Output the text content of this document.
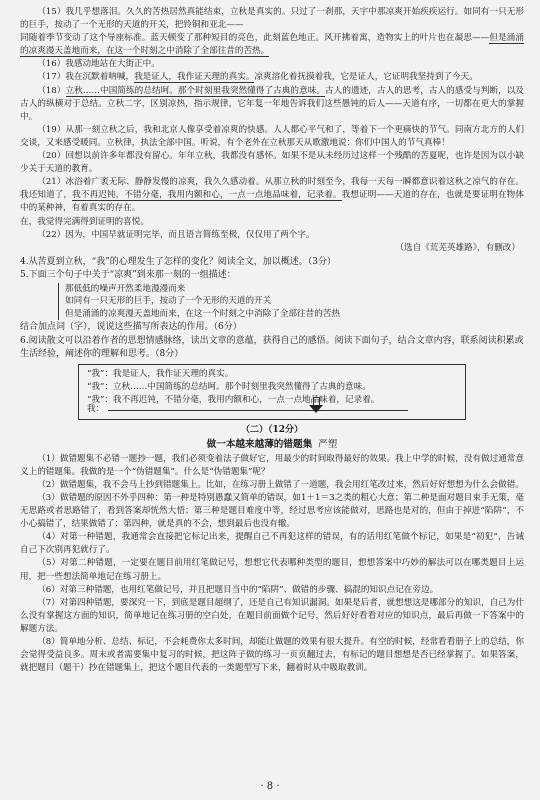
（15）我几乎想落泪。久久的苦热居然真能结束，立秋是真实的。只过了一刹那，天宇中那凉爽开始疾疾运行。如同有一只无形的巨手，按动了一个无形的天道的开关，把铃铜和亚北——

同随着季节变动了这个导座标准。蓝天顿变了那种短目的亮色，此刻蓝色地正。风开拂着寓，造物实上的叶片也在凝思——但是涌涌的凉爽漫天盖地而来，在这一个时刻之中消除了全部往昔的苦热。

（16）我感动地站在大街正中。

（17）我在沉默着呐喊，我是证人，我作证天理的真实。凉爽溶化着抚摸着我，它是证人，它证明我坚持到了今天。

（18）立秋……中国简练的总结呵。那个时刻里我突然懂得了古典的意味。古人的遗迹，古人的思考，古人的感受与判断，以及古人的纵横对于总结。立秋二字，区别凉热，指示规律，它年复一年地告诉我们这些愚钝的后人——天道有序，一切都在更大的掌握中。

（19）从那一刻立秋之后，我和北京人像享受着凉爽的快感。人人都心平气和了，等着下一个更痛快的节气。同南方北方的人们交谈，又来感受暖同。立秋律，执法全部中国。听说，有个老外在立秋那天从歌激地说：你们中国人的节气真棒！

（20）回想以前许多年都没有留心。年年立秋，我都没有感怀。如果不是从未经历过这样一个残酷的苦夏呢，也许是因为以小缺少关于天道的教育。

（21）冰浴着广袤无际、静静发慢的凉爽，我久久感动着。从那立秋的时刻至今，我每一天每一瞬都意识着这秋之凉气的存在。我还知道了，我不再迟钝，不错分毫，我用内额和心，一点一点地品味着，记录着。我想证明——天道的存在，也就是要证明在物体中的某种神，有着真实的存在。

在，我觉得完满得到证明的喜悦。

（22）因为，中国早就证明完毕，而且语言简练至极，仅仅用了两个字。

（选自《荒芜英雄路》，有删改）

4.从苦夏到立秋，“我”的心理发生了怎样的变化？阅读全文，加以概述。（3分）

5.下面三个句子中关于“凉爽”到来那一刻的一组描述：

那低低的噪声开然柔地漫漫而来
如同有一只无形的巨手，按动了一个无形的天道的开关
但是涌涌的凉爽漫天盖地而来，在这一个时刻之中消除了全部往昔的苦热

结合加点词（字），说说这些描写所表达的作用。（6分）

6.阅读散文可以沿着作者的思想情感脉络，读出文章的意蕴，获得自己的感悟。阅读下面句子，结合文章内容，联系阅读积累或生活经验，阐述你的理解和思考。（8分）

“我”：我是证人，我作证天理的真实。
“我”：立秋……中国简练的总结呵。那个时刻里我突然懂得了古典的意味。
“我”：我不再迟钝，不错分毫，我用内额和心，一点一点地品味着，记录着。
我：

（二）（12分）

做一本越来越薄的错题集 严塑

（1）做错题集不必错一题抄一题，我们必须变着法子做好它，用最少的时间取得最好的效果。我上中学的时候，没有做过通常意义上的错题集。我做的是一个“伪错题集”。什么是“伪错题集”呢？

（2）做错题集，我不会马上抄到错题集上。比如，在练习册上做错了一道题，我会用红笔改过来，然后好好想想为什么会做错。

（3）做错题的原因不外乎四种：第一种是特别愚蠢又简单的错误，如1＋1＝3之类的粗心大意；第二种是面对题目束手无策，毫无思路或者思路错了，看到答案却恍然大悟；第三种是题目难度中等，经过思考应该能做对，思路也是对的，但由于掉进“陷阱”，不小心搞错了，结果做错了；第四种，就是真的不会，想到最后也没有辙。

（4）对第一种错题，我通常会直接把它标记出来，提醒自己不再犯这样的错误，有的话用红笔做个标记，如果是“初犯”，告诫自己下次别再犯就行了。

（5）对第二种错题，一定要在题目前用红笔做记号，想想它代表哪种类型的题目，想想答案中巧妙的解法可以在哪类题目上运用，把一些想法简单地记在练习册上。

（6）对第三种错题，也用红笔做记号，并且把题目当中的“陷阱”、做错的步骤、搞混的知识点记在旁边。

（7）对第四种错题，要深究一下，到底是题目超纲了，还是自己有知识漏洞。如果是后者，就想想这是哪部分的知识，自己为什么没有掌握这方面的知识，简单地记在练习册的空白处，在题目前面做个记号，然后好好看看对应的知识点，最后再做一下答案中的解题方法。

（8）简单地分析、总结、标记，不会耗费你太多时间，却能让做题的效果有很大提升。有空的时候，经常看看册子上的总结，你会觉得受益良多。周末或者需要集中复习的时候，把这阵子做的练习一页页翻过去，有标记的题目想想是否已经掌握了。如果答案，就把题目（题干）抄在错题集上，把这个题目代表的一类题型写下来，翻着时从中吸取教训。

· 8 ·
